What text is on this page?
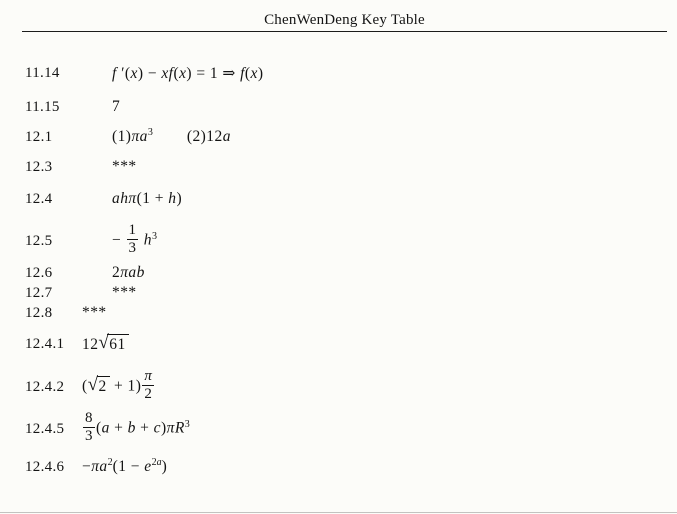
ChenWenDeng Key Table
11.14	f ′(x) − xf(x) = 1 ⇒ f(x)
11.15	7
12.1	$(1)\pi a^3$ (2)12a
12.3	***
12.4	ahπ(1 + h)
12.5	− $\frac{1}{3} h^3$
12.6	2πab
12.7	***
12.8	***
12.4.1	12 √ 61
12.4.2	( √ $2 + 1) \frac{\pi}{2}$
12.4.5	$\frac{8}{3} (a + b + c)\pi R^3$
12.4.6	$-\pi a^2(1 - e^{2a})$
